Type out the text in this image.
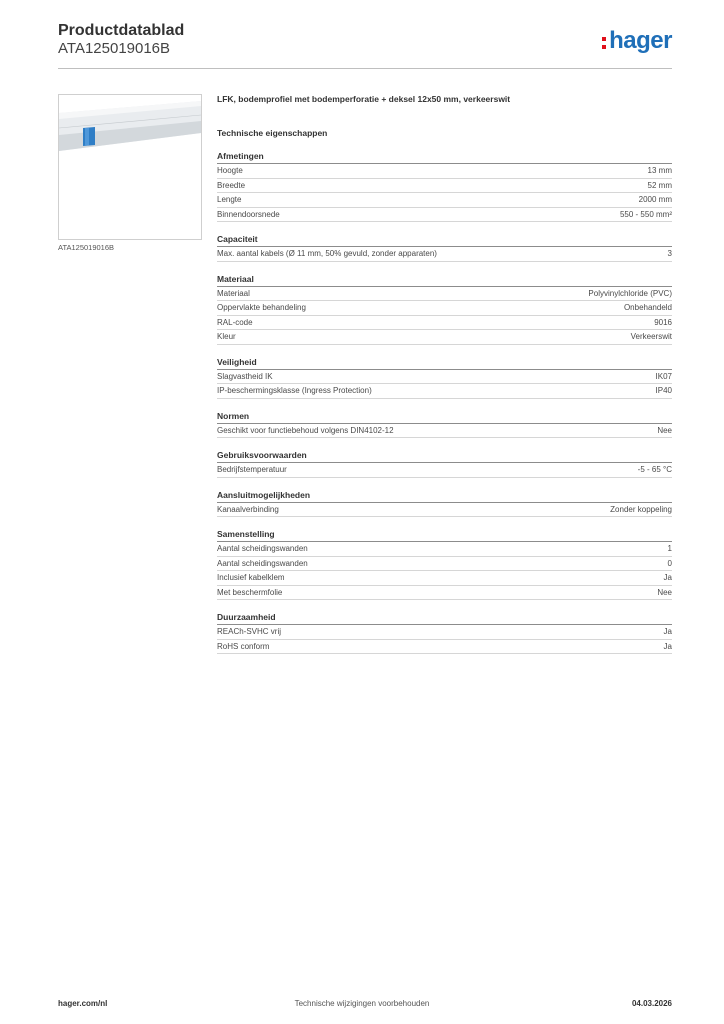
Productdatablad
ATA125019016B	hager
ATA125019016B
LFK, bodemprofiel met bodemperforatie + deksel 12x50 mm, verkeerswit
Technische eigenschappen
Afmetingen
Hoogte	13 mm
Breedte	52 mm
Lengte	2000 mm
Binnendoorsnede	550 - 550 mm²
Capaciteit
Max. aantal kabels (Ø 11 mm, 50% gevuld, zonder apparaten)	3
Materiaal
Materiaal	Polyvinylchloride (PVC)
Oppervlakte behandeling	Onbehandeld
RAL-code	9016
Kleur	Verkeerswit
Veiligheid
Slagvastheid IK	IK07
IP-beschermingsklasse (Ingress Protection)	IP40
Normen
Geschikt voor functiebehoud volgens DIN4102-12	Nee
Gebruiksvoorwaarden
Bedrijfstemperatuur	-5 - 65 °C
Aansluitmogelijkheden
Kanaalverbinding	Zonder koppeling
Samenstelling
Aantal scheidingswanden	1
Aantal scheidingswanden	0
Inclusief kabelklem	Ja
Met beschermfolie	Nee
Duurzaamheid
REACh-SVHC vrij	Ja
RoHS conform	Ja
hager.com/nl	Technische wijzigingen voorbehouden	04.03.2026
